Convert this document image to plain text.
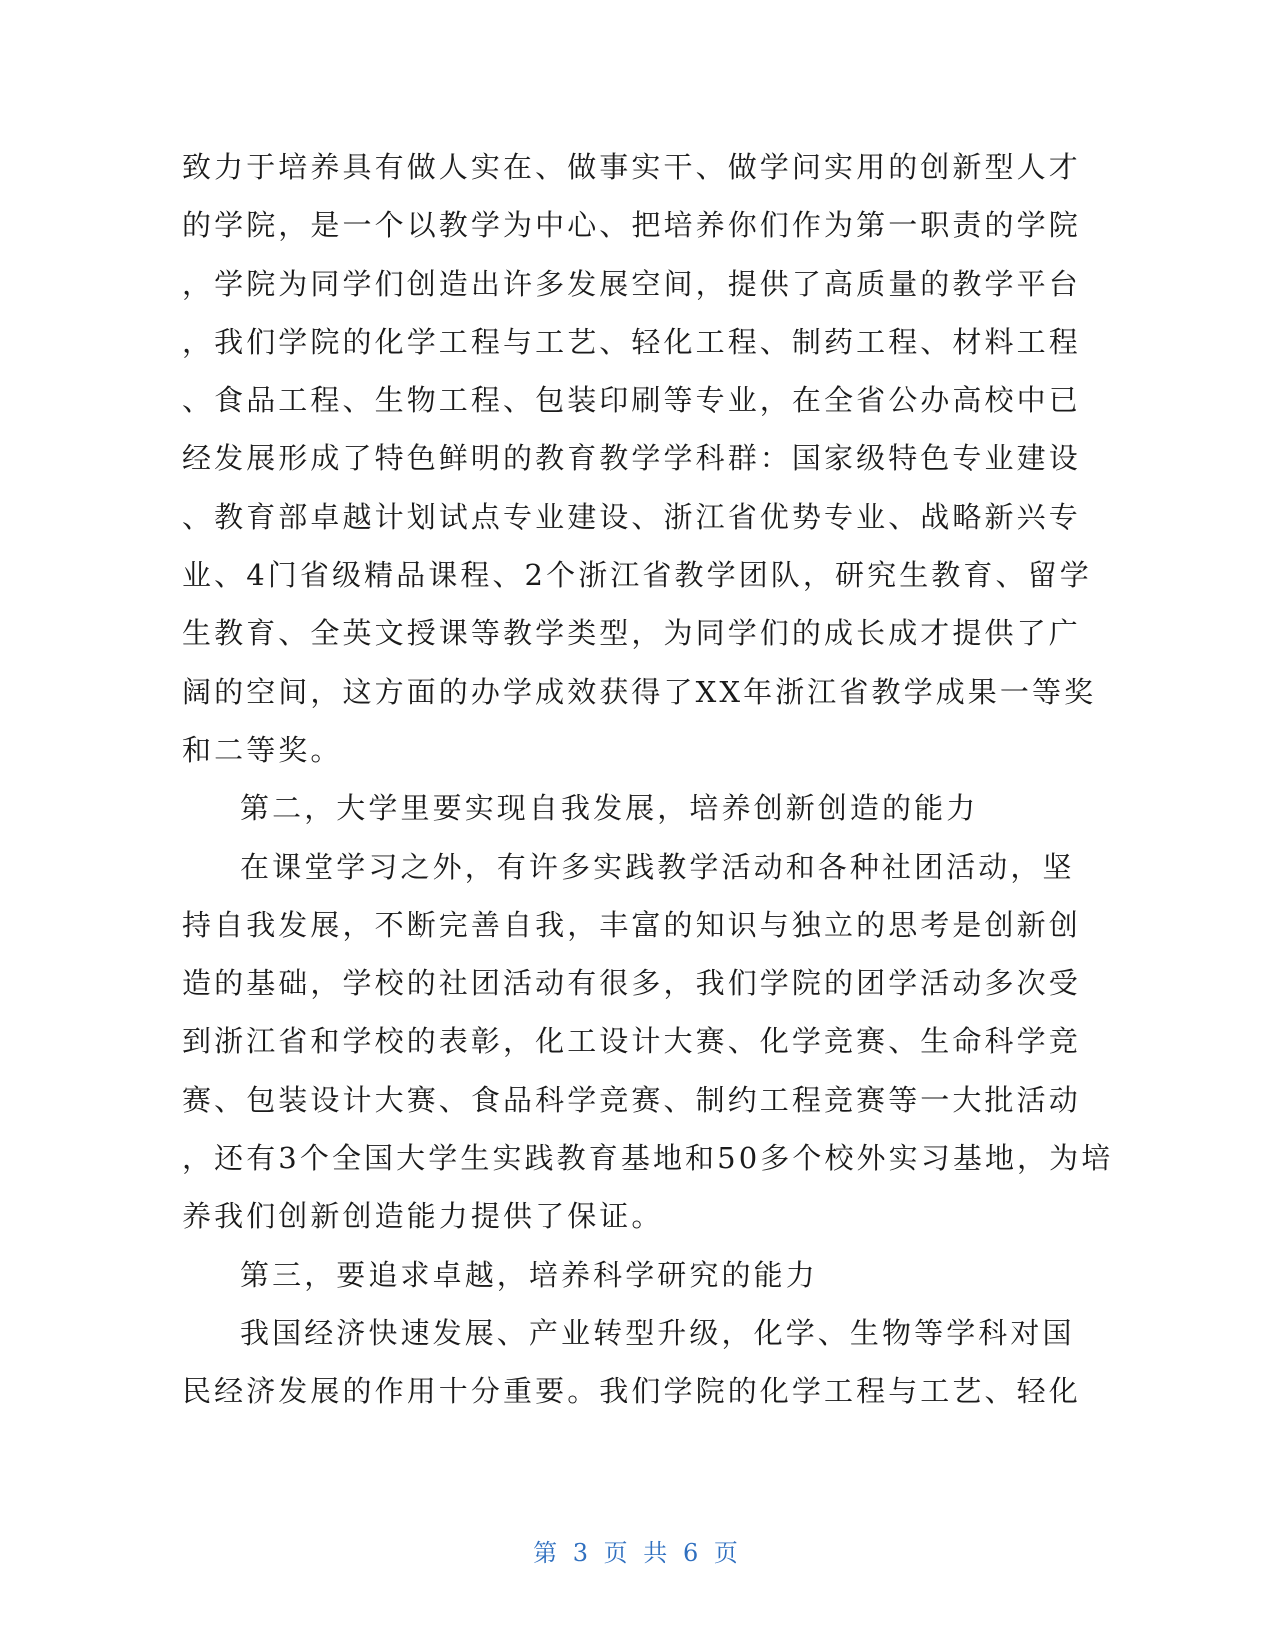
致力于培养具有做人实在、做事实干、做学问实用的创新型人才
的学院，是一个以教学为中心、把培养你们作为第一职责的学院
，学院为同学们创造出许多发展空间，提供了高质量的教学平台
，我们学院的化学工程与工艺、轻化工程、制药工程、材料工程
、食品工程、生物工程、包装印刷等专业，在全省公办高校中已
经发展形成了特色鲜明的教育教学学科群：国家级特色专业建设
、教育部卓越计划试点专业建设、浙江省优势专业、战略新兴专
业、4门省级精品课程、2个浙江省教学团队，研究生教育、留学
生教育、全英文授课等教学类型，为同学们的成长成才提供了广
阔的空间，这方面的办学成效获得了XX年浙江省教学成果一等奖
和二等奖。
第二，大学里要实现自我发展，培养创新创造的能力
在课堂学习之外，有许多实践教学活动和各种社团活动，坚
持自我发展，不断完善自我，丰富的知识与独立的思考是创新创
造的基础，学校的社团活动有很多，我们学院的团学活动多次受
到浙江省和学校的表彰，化工设计大赛、化学竞赛、生命科学竞
赛、包装设计大赛、食品科学竞赛、制约工程竞赛等一大批活动
，还有3个全国大学生实践教育基地和50多个校外实习基地，为培
养我们创新创造能力提供了保证。
第三，要追求卓越，培养科学研究的能力
我国经济快速发展、产业转型升级，化学、生物等学科对国
民经济发展的作用十分重要。我们学院的化学工程与工艺、轻化
第 3 页 共 6 页
